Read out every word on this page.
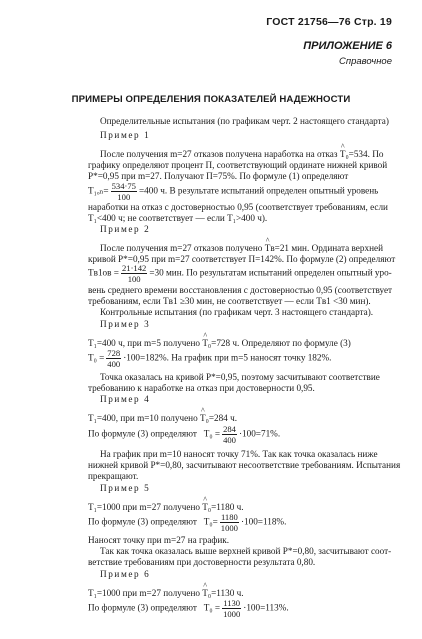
ГОСТ 21756—76 Стр. 19
ПРИЛОЖЕНИЕ 6
Справочное
ПРИМЕРЫ ОПРЕДЕЛЕНИЯ ПОКАЗАТЕЛЕЙ НАДЕЖНОСТИ
Определительные испытания (по графикам черт. 2 настоящего стандарта)
Пример 1
После получения m=27 отказов получена наработка на отказ ^ T₀=534. По
графику определяют процент П, соответствующий ординате нижней кривой
P*=0,95 при m=27. Получают П=75%. По формуле (1) определяют
$T_{1on}= \frac{534\cdot 75}{100} =400$ ч. В результате испытаний определен опытный уровень
наработки на отказ с достоверностью 0,95 (соответствует требованиям, если
T₁<400 ч; не соответствует — если T₁>400 ч).
Пример 2
После получения m=27 отказов получено ^ Tв=21 мин. Ордината верхней
кривой P*=0,95 при m=27 соответствует П=142%. По формуле (2) определяют
$Tв1ов = \frac{21\cdot 142}{100} =30$ мин. По результатам испытаний определен опытный уро-
вень среднего времени восстановления с достоверностью 0,95 (соответствует
требованиям, если Tв1 ≥30 мин, не соответствует — если Tв1 <30 мин).
Контрольные испытания (по графикам черт. 3 настоящего стандарта).
Пример 3
T₁=400 ч, при m=5 получено ^ T₀=728 ч. Определяют по формуле (3)
$T_0 = \frac{728}{400} \cdot 100=182\%$. На график при m=5 наносят точку 182%.
Точка оказалась на кривой P*=0,95, поэтому засчитывают соответствие
требованию к наработке на отказ при достоверности 0,95.
Пример 4
T₁=400, при m=10 получено ^ T₀=284 ч.
По формуле (3) определяют $T_0 = \frac{284}{400} \cdot 100=71\%$.
На график при m=10 наносят точку 71%. Так как точка оказалась ниже
нижней кривой P*=0,80, засчитывают несоответствие требованиям. Испытания
прекращают.
Пример 5
T₁=1000 при m=27 получено ^ T₀=1180 ч.
По формуле (3) определяют $T_0= \frac{1180}{1000} \cdot 100=118\%$.
Наносят точку при m=27 на график.
Так как точка оказалась выше верхней кривой P*=0,80, засчитывают соот-
ветствие требованиям при достоверности результата 0,80.
Пример 6
T₁=1000 при m=27 получено ^ T₀=1130 ч.
По формуле (3) определяют $T_0 = \frac{1130}{1000} \cdot 100=113\%$.
